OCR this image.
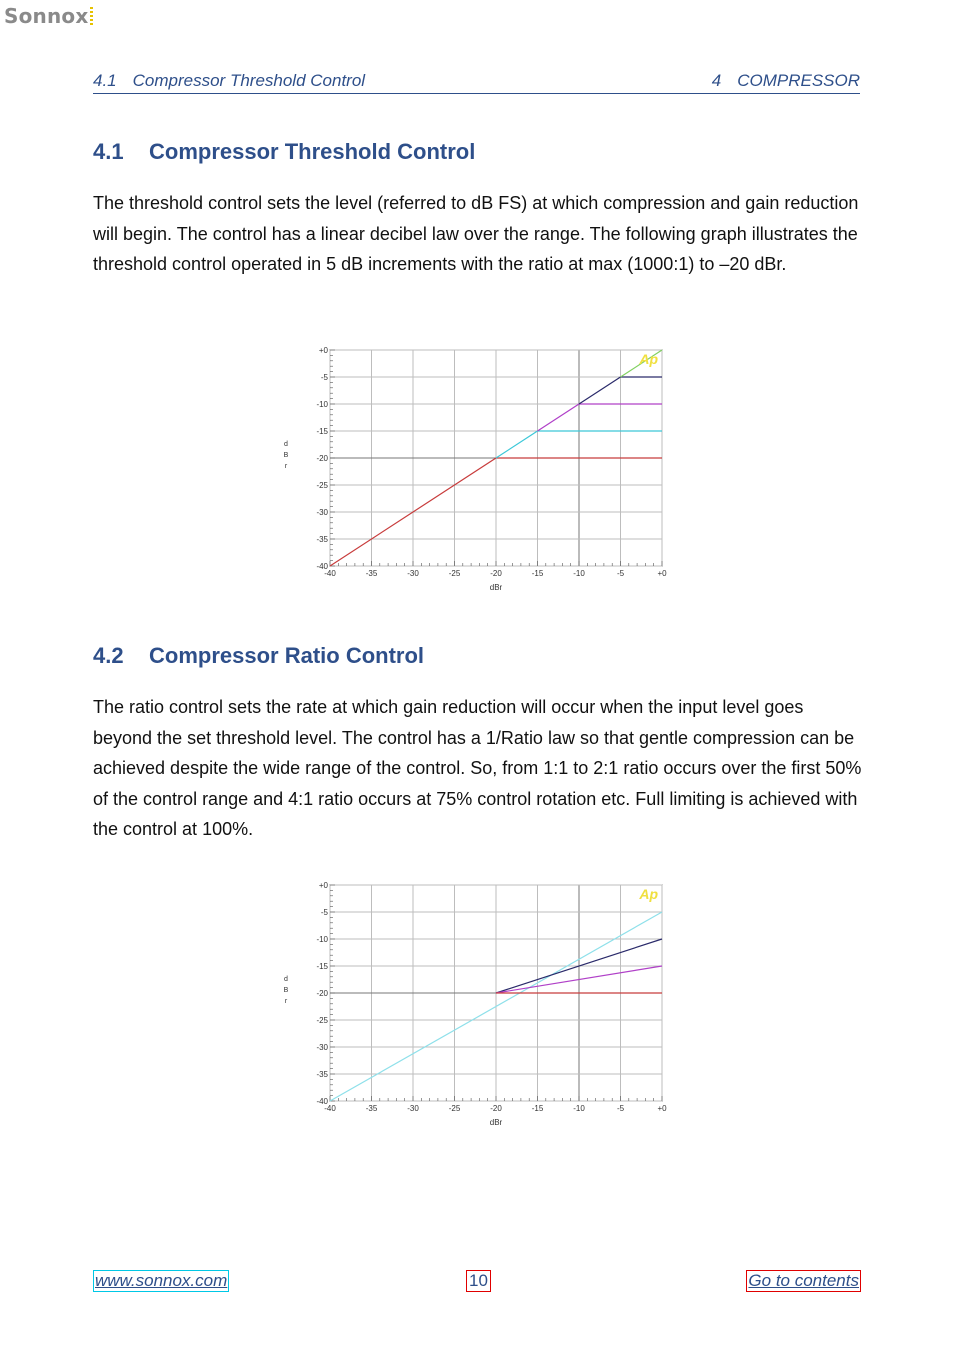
Sonnox
4.1 Compressor Threshold Control	4 COMPRESSOR
4.1 Compressor Threshold Control

The threshold control sets the level (referred to dB FS) at which compression and gain reduction will begin. The control has a linear decibel law over the range. The following graph illustrates the threshold control operated in 5 dB increments with the ratio at max (1000:1) to –20 dBr.

-40	-35	-30	-25	-20	-15	-10	-5	+0
+0
-5
-10
-15
-20
-25
-30
-35
-40
dBr
d
B
r
Ap
4.2 Compressor Ratio Control

The ratio control sets the rate at which gain reduction will occur when the input level goes beyond the set threshold level. The control has a 1/Ratio law so that gentle compression can be achieved despite the wide range of the control. So, from 1:1 to 2:1 ratio occurs over the first 50% of the control range and 4:1 ratio occurs at 75% control rotation etc. Full limiting is achieved with the control at 100%.

-40	-35	-30	-25	-20	-15	-10	-5	+0
+0
-5
-10
-15
-20
-25
-30
-35
-40
dBr
d
B
r
Ap
www.sonnox.com	10	Go to contents
